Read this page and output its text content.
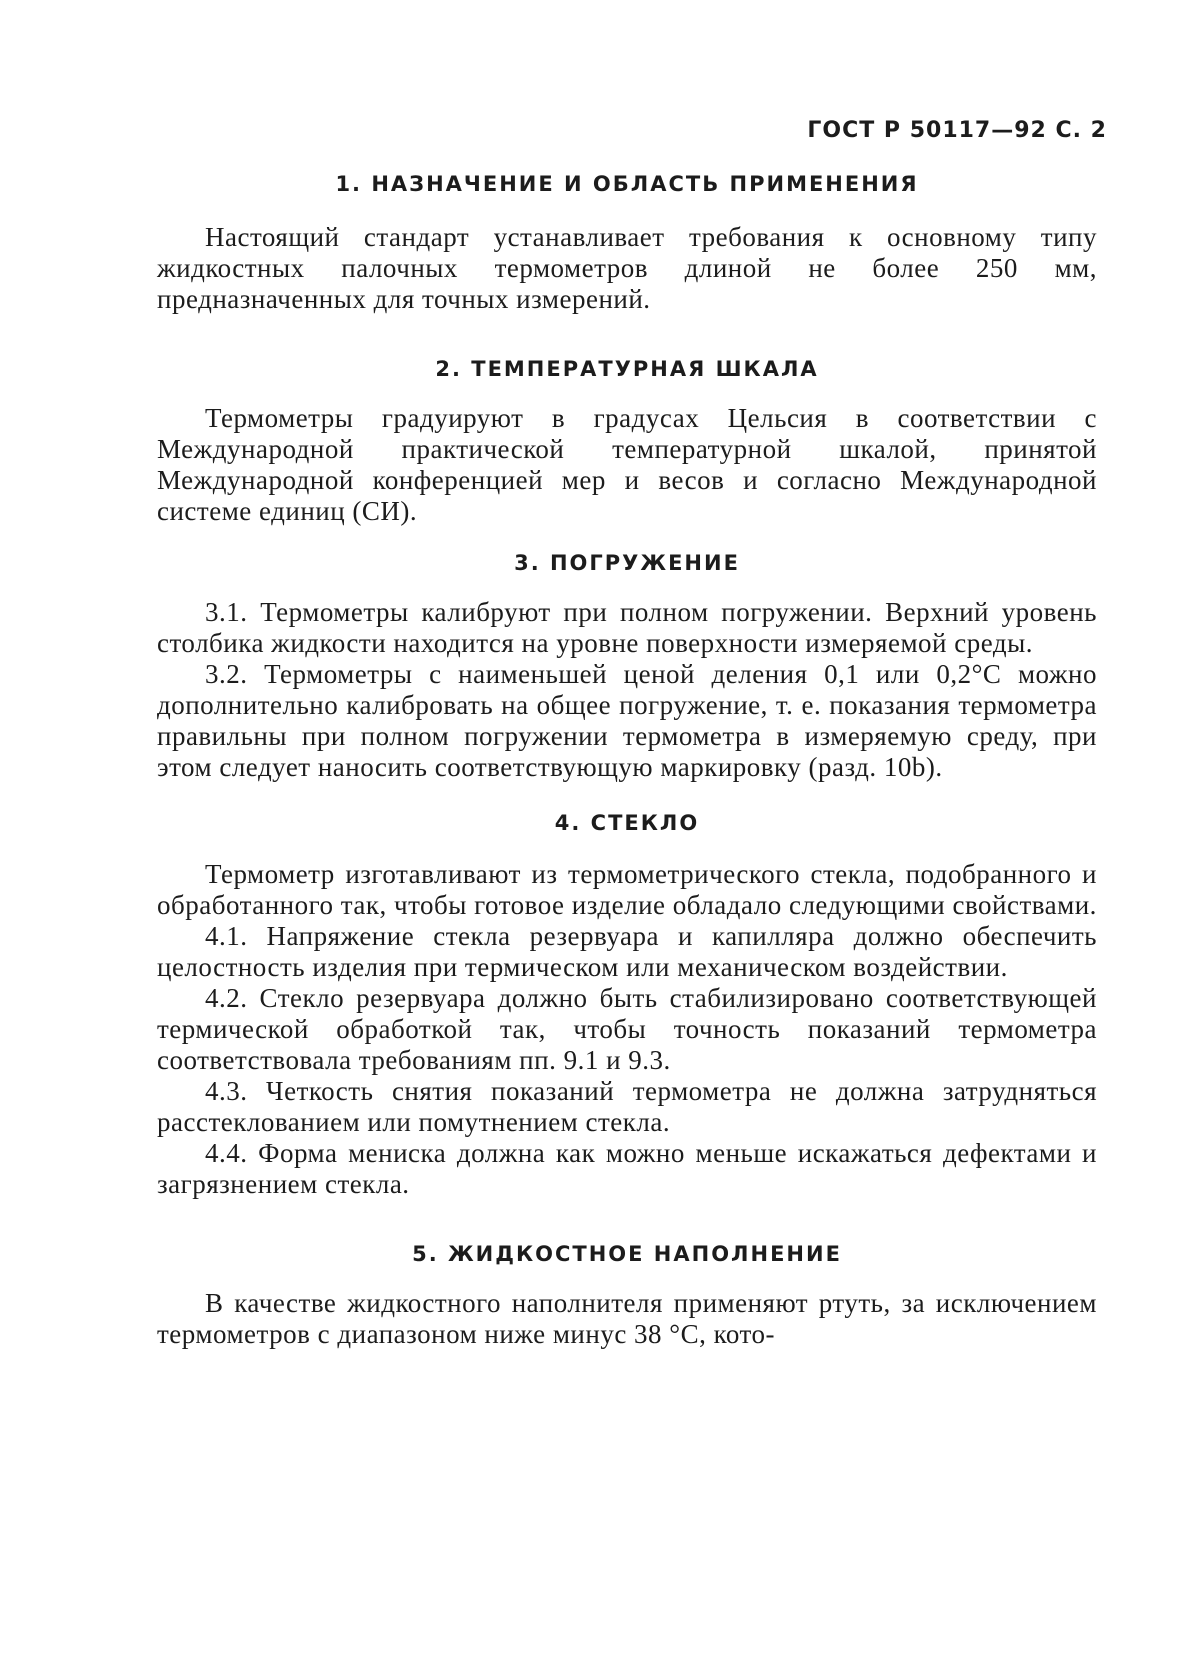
ГОСТ Р 50117—92 С. 2
1. НАЗНАЧЕНИЕ И ОБЛАСТЬ ПРИМЕНЕНИЯ

Настоящий стандарт устанавливает требования к основному типу жидкостных палочных термометров длиной не более 250 мм, предназначенных для точных измерений.

2. ТЕМПЕРАТУРНАЯ ШКАЛА

Термометры градуируют в градусах Цельсия в соответствии с Международной практической температурной шкалой, принятой Международной конференцией мер и весов и согласно Международной системе единиц (СИ).

3. ПОГРУЖЕНИЕ

3.1. Термометры калибруют при полном погружении. Верхний уровень столбика жидкости находится на уровне поверхности измеряемой среды.

3.2. Термометры с наименьшей ценой деления 0,1 или 0,2°С можно дополнительно калибровать на общее погружение, т. е. показания термометра правильны при полном погружении термометра в измеряемую среду, при этом следует наносить соответствующую маркировку (разд. 10b).

4. СТЕКЛО

Термометр изготавливают из термометрического стекла, подобранного и обработанного так, чтобы готовое изделие обладало следующими свойствами.

4.1. Напряжение стекла резервуара и капилляра должно обеспечить целостность изделия при термическом или механическом воздействии.

4.2. Стекло резервуара должно быть стабилизировано соответствующей термической обработкой так, чтобы точность показаний термометра соответствовала требованиям пп. 9.1 и 9.3.

4.3. Четкость снятия показаний термометра не должна затрудняться расстеклованием или помутнением стекла.

4.4. Форма мениска должна как можно меньше искажаться дефектами и загрязнением стекла.

5. ЖИДКОСТНОЕ НАПОЛНЕНИЕ

В качестве жидкостного наполнителя применяют ртуть, за исключением термометров с диапазоном ниже минус 38 °С, кото-
